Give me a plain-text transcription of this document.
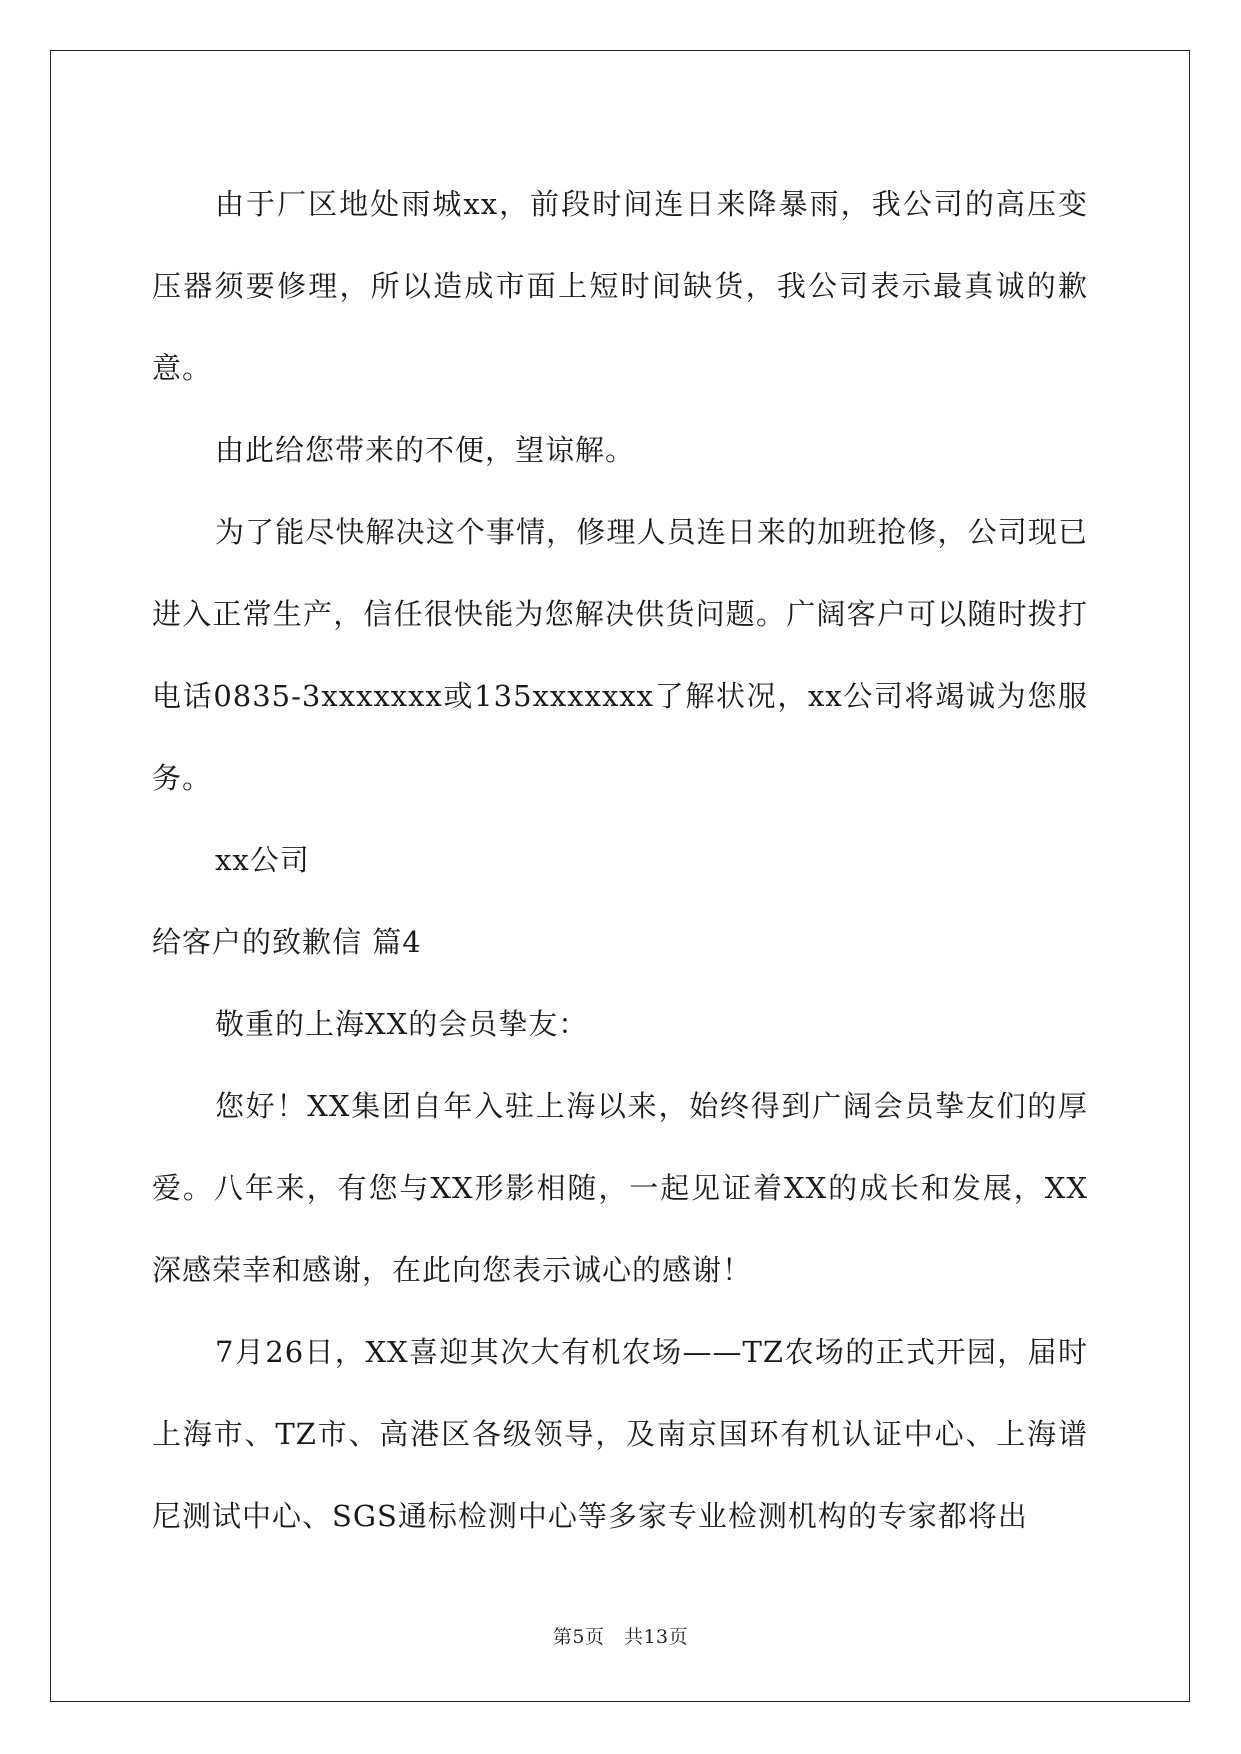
由于厂区地处雨城xx，前段时间连日来降暴雨，我公司的高压变压器须要修理，所以造成市面上短时间缺货，我公司表示最真诚的歉意。

由此给您带来的不便，望谅解。

为了能尽快解决这个事情，修理人员连日来的加班抢修，公司现已进入正常生产，信任很快能为您解决供货问题。广阔客户可以随时拨打电话0835-3xxxxxxx或135xxxxxxx了解状况，xx公司将竭诚为您服务。

xx公司

给客户的致歉信 篇4

敬重的上海XX的会员挚友：

您好！XX集团自年入驻上海以来，始终得到广阔会员挚友们的厚爱。八年来，有您与XX形影相随，一起见证着XX的成长和发展，XX深感荣幸和感谢，在此向您表示诚心的感谢！

7月26日，XX喜迎其次大有机农场——TZ农场的正式开园，届时上海市、TZ市、高港区各级领导，及南京国环有机认证中心、上海谱尼测试中心、SGS通标检测中心等多家专业检测机构的专家都将出

第5页　共13页
